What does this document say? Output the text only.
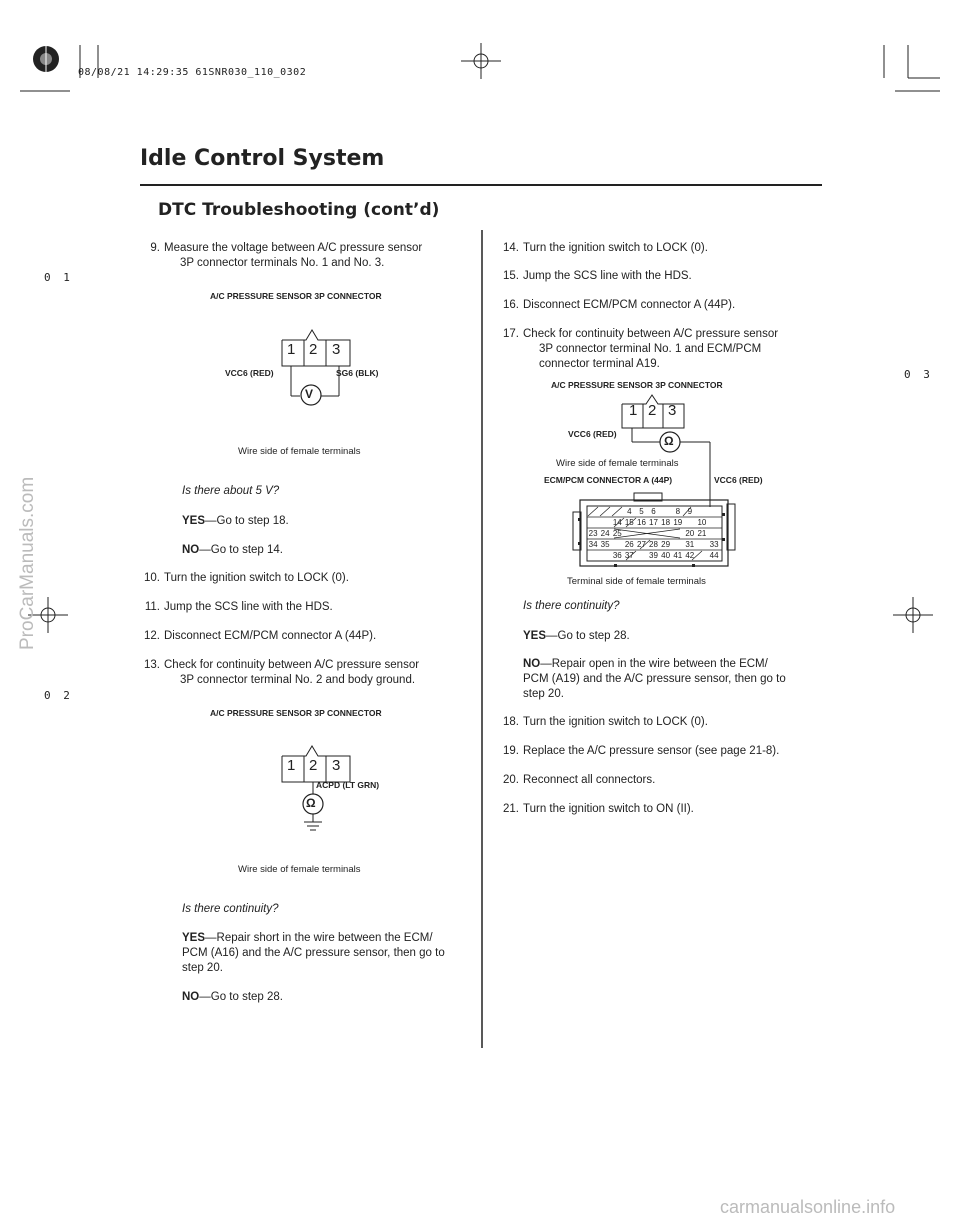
08/08/21 14:29:35 61SNR030_110_0302
Idle Control System
DTC Troubleshooting (cont’d)
0 1
0 2
0 3
ProCarManuals.com
carmanualsonline.info
9. Measure the voltage between A/C pressure sensor
3P connector terminals No. 1 and No. 3.
A/C PRESSURE SENSOR 3P CONNECTOR
1 2 3
V
VCC6 (RED)	SG6 (BLK)
Wire side of female terminals
Is there about 5 V?
YES—Go to step 18.
NO—Go to step 14.
10. Turn the ignition switch to LOCK (0).
11. Jump the SCS line with the HDS.
12. Disconnect ECM/PCM connector A (44P).
13. Check for continuity between A/C pressure sensor
3P connector terminal No. 2 and body ground.
A/C PRESSURE SENSOR 3P CONNECTOR
1 2 3
Ω
ACPD (LT GRN)
Wire side of female terminals
Is there continuity?
YES—Repair short in the wire between the ECM/
PCM (A16) and the A/C pressure sensor, then go to
step 20.
NO—Go to step 28.
14. Turn the ignition switch to LOCK (0).
15. Jump the SCS line with the HDS.
16. Disconnect ECM/PCM connector A (44P).
17. Check for continuity between A/C pressure sensor
3P connector terminal No. 1 and ECM/PCM
connector terminal A19.
A/C PRESSURE SENSOR 3P CONNECTOR
4 5 6 8 9
10
14 15 16 17 18 19
20 21
23 24 25
26 27 28 29 31 33
34 35
36 37 39 40 41 42 44
1 2 3
Ω
VCC6 (RED)
Wire side of female terminals
ECM/PCM CONNECTOR A (44P)	VCC6 (RED)
Terminal side of female terminals
Is there continuity?
YES—Go to step 28.
NO—Repair open in the wire between the ECM/
PCM (A19) and the A/C pressure sensor, then go to
step 20.
18. Turn the ignition switch to LOCK (0).
19. Replace the A/C pressure sensor (see page 21-8).
20. Reconnect all connectors.
21. Turn the ignition switch to ON (II).
